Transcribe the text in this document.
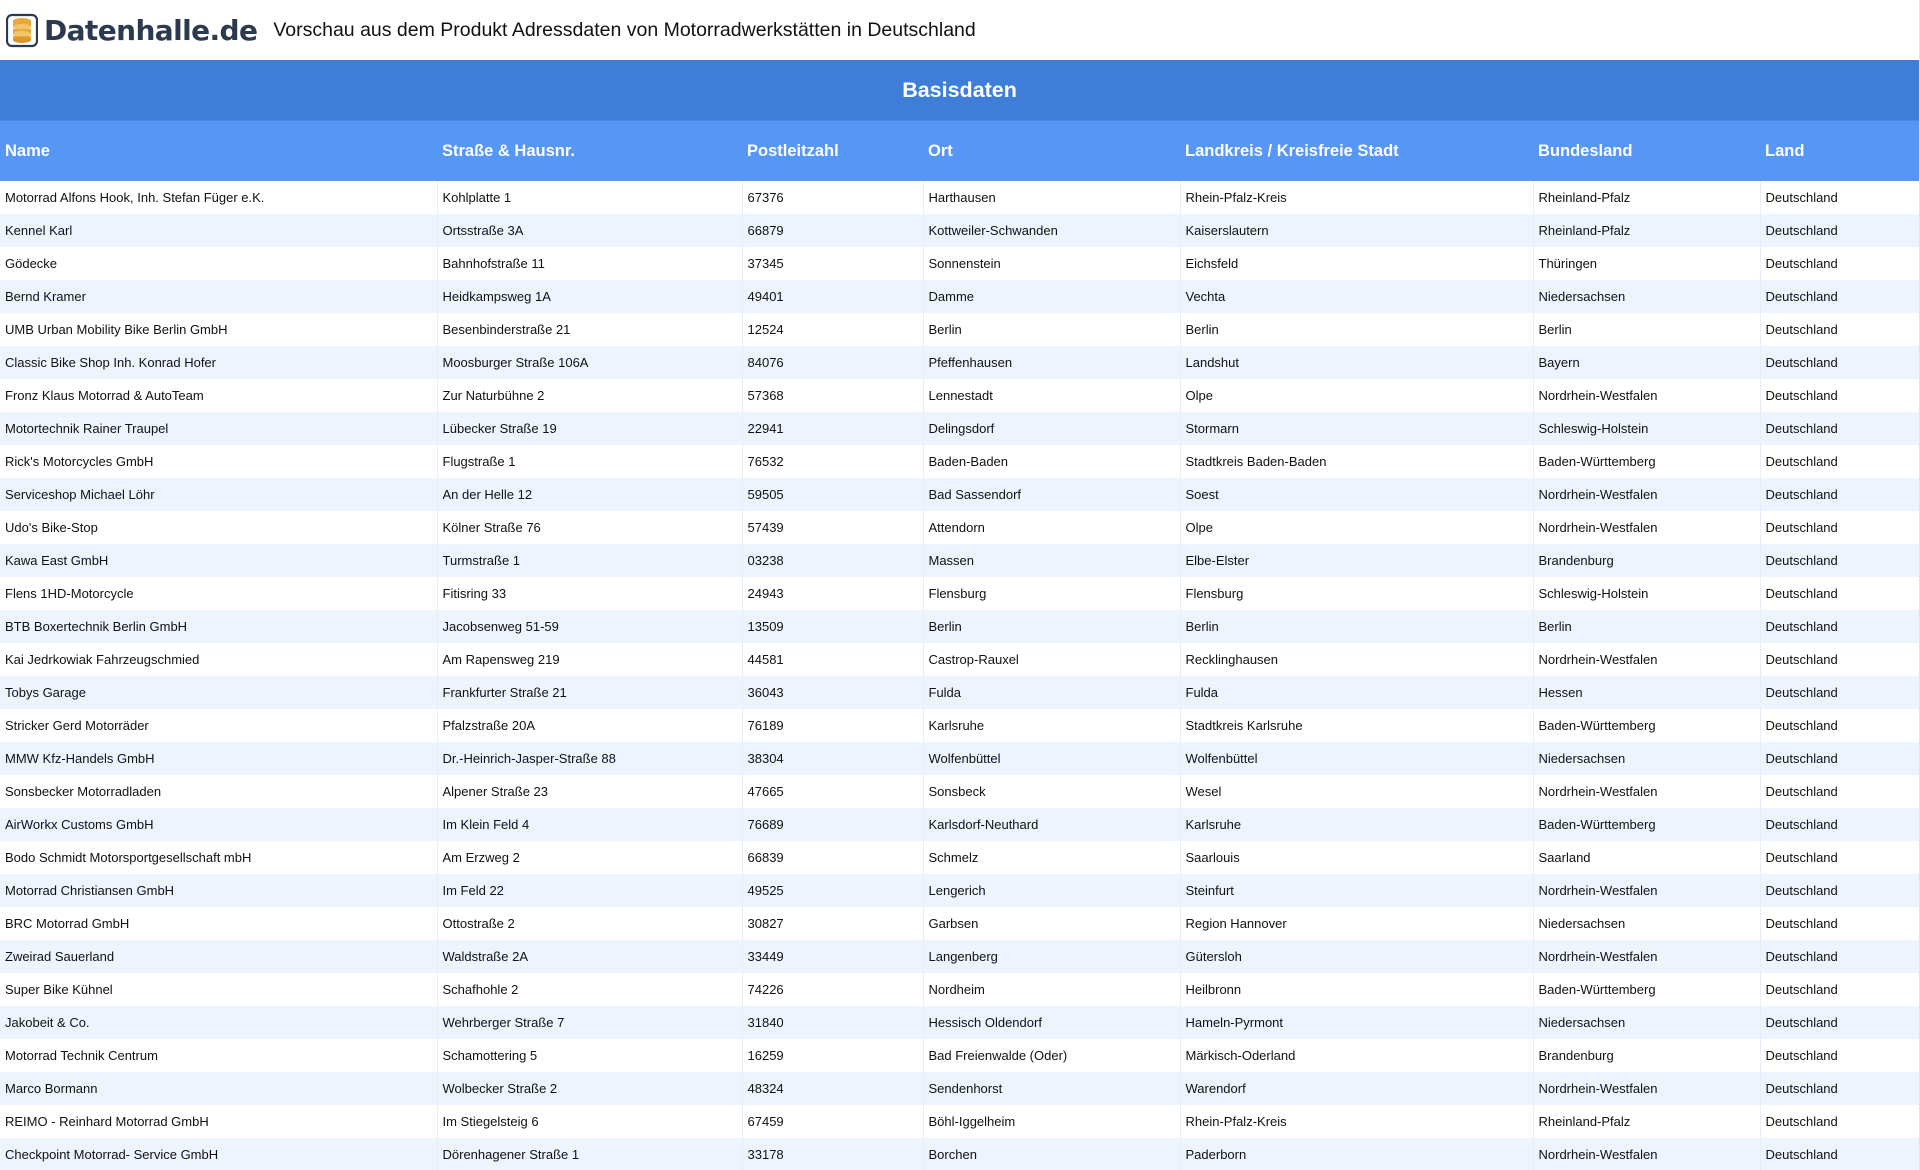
Datenhalle.de Vorschau aus dem Produkt Adressdaten von Motorradwerkstätten in Deutschland
Basisdaten						
Name	Straße & Hausnr.	Postleitzahl	Ort	Landkreis / Kreisfreie Stadt	Bundesland	Land
Motorrad Alfons Hook, Inh. Stefan Füger e.K.	Kohlplatte 1	67376	Harthausen	Rhein-Pfalz-Kreis	Rheinland-Pfalz	Deutschland
Kennel Karl	Ortsstraße 3A	66879	Kottweiler-Schwanden	Kaiserslautern	Rheinland-Pfalz	Deutschland
Gödecke	Bahnhofstraße 11	37345	Sonnenstein	Eichsfeld	Thüringen	Deutschland
Bernd Kramer	Heidkampsweg 1A	49401	Damme	Vechta	Niedersachsen	Deutschland
UMB Urban Mobility Bike Berlin GmbH	Besenbinderstraße 21	12524	Berlin	Berlin	Berlin	Deutschland
Classic Bike Shop Inh. Konrad Hofer	Moosburger Straße 106A	84076	Pfeffenhausen	Landshut	Bayern	Deutschland
Fronz Klaus Motorrad & AutoTeam	Zur Naturbühne 2	57368	Lennestadt	Olpe	Nordrhein-Westfalen	Deutschland
Motortechnik Rainer Traupel	Lübecker Straße 19	22941	Delingsdorf	Stormarn	Schleswig-Holstein	Deutschland
Rick's Motorcycles GmbH	Flugstraße 1	76532	Baden-Baden	Stadtkreis Baden-Baden	Baden-Württemberg	Deutschland
Serviceshop Michael Löhr	An der Helle 12	59505	Bad Sassendorf	Soest	Nordrhein-Westfalen	Deutschland
Udo's Bike-Stop	Kölner Straße 76	57439	Attendorn	Olpe	Nordrhein-Westfalen	Deutschland
Kawa East GmbH	Turmstraße 1	03238	Massen	Elbe-Elster	Brandenburg	Deutschland
Flens 1HD-Motorcycle	Fitisring 33	24943	Flensburg	Flensburg	Schleswig-Holstein	Deutschland
BTB Boxertechnik Berlin GmbH	Jacobsenweg 51-59	13509	Berlin	Berlin	Berlin	Deutschland
Kai Jedrkowiak Fahrzeugschmied	Am Rapensweg 219	44581	Castrop-Rauxel	Recklinghausen	Nordrhein-Westfalen	Deutschland
Tobys Garage	Frankfurter Straße 21	36043	Fulda	Fulda	Hessen	Deutschland
Stricker Gerd Motorräder	Pfalzstraße 20A	76189	Karlsruhe	Stadtkreis Karlsruhe	Baden-Württemberg	Deutschland
MMW Kfz-Handels GmbH	Dr.-Heinrich-Jasper-Straße 88	38304	Wolfenbüttel	Wolfenbüttel	Niedersachsen	Deutschland
Sonsbecker Motorradladen	Alpener Straße 23	47665	Sonsbeck	Wesel	Nordrhein-Westfalen	Deutschland
AirWorkx Customs GmbH	Im Klein Feld 4	76689	Karlsdorf-Neuthard	Karlsruhe	Baden-Württemberg	Deutschland
Bodo Schmidt Motorsportgesellschaft mbH	Am Erzweg 2	66839	Schmelz	Saarlouis	Saarland	Deutschland
Motorrad Christiansen GmbH	Im Feld 22	49525	Lengerich	Steinfurt	Nordrhein-Westfalen	Deutschland
BRC Motorrad GmbH	Ottostraße 2	30827	Garbsen	Region Hannover	Niedersachsen	Deutschland
Zweirad Sauerland	Waldstraße 2A	33449	Langenberg	Gütersloh	Nordrhein-Westfalen	Deutschland
Super Bike Kühnel	Schafhohle 2	74226	Nordheim	Heilbronn	Baden-Württemberg	Deutschland
Jakobeit & Co.	Wehrberger Straße 7	31840	Hessisch Oldendorf	Hameln-Pyrmont	Niedersachsen	Deutschland
Motorrad Technik Centrum	Schamottering 5	16259	Bad Freienwalde (Oder)	Märkisch-Oderland	Brandenburg	Deutschland
Marco Bormann	Wolbecker Straße 2	48324	Sendenhorst	Warendorf	Nordrhein-Westfalen	Deutschland
REIMO - Reinhard Motorrad GmbH	Im Stiegelsteig 6	67459	Böhl-Iggelheim	Rhein-Pfalz-Kreis	Rheinland-Pfalz	Deutschland
Checkpoint Motorrad- Service GmbH	Dörenhagener Straße 1	33178	Borchen	Paderborn	Nordrhein-Westfalen	Deutschland
